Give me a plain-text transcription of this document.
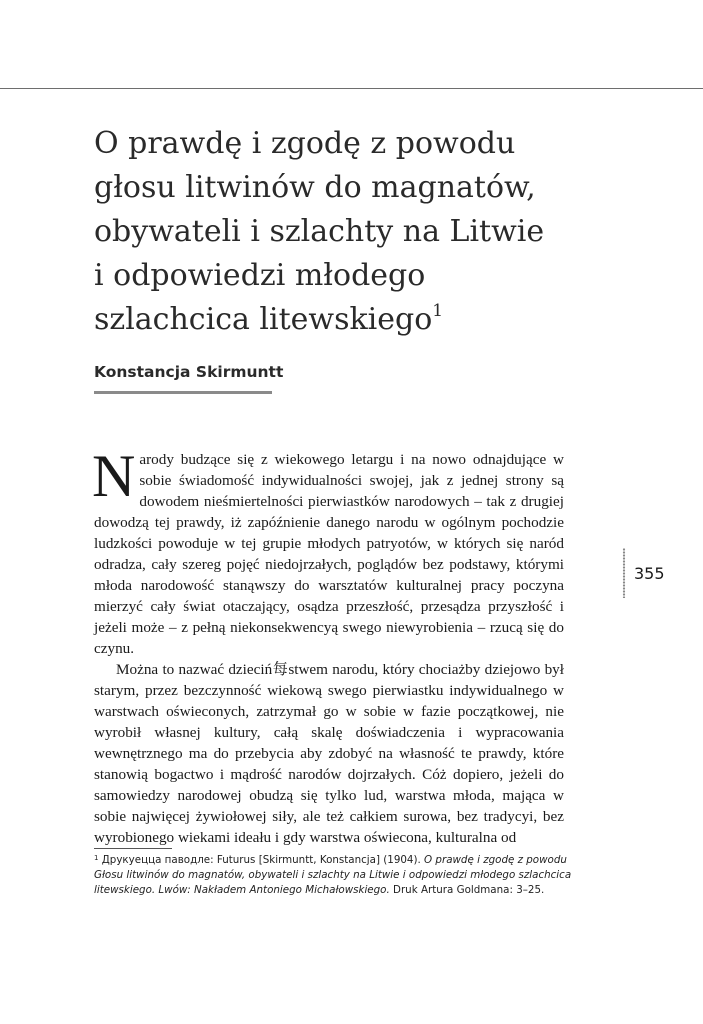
O prawdę i zgodę z powodu
głosu litwinów do magnatów,
obywateli i szlachty na Litwie
i odpowiedzi młodego
szlachcica litewskiego$^1$
Konstancja Skirmuntt

Narody budzące się z wiekowego letargu i na nowo odnajdujące w sobie świadomość indywidualności swojej, jak z jednej strony są dowodem nieśmiertelności pierwiastków narodowych – tak z drugiej dowodzą tej prawdy, iż zapóźnienie danego narodu w ogólnym pochodzie ludzkości powoduje w tej grupie młodych patryotów, w których się naród odradza, cały szereg pojęć niedojrzałych, poglądów bez podstawy, którymi młoda narodowość stanąwszy do warsztatów kulturalnej pracy poczyna mierzyć cały świat otaczający, osądza przeszłość, przesądza przyszłość i jeżeli może – z pełną niekonsekwencyą swego niewyrobienia – rzucą się do czynu.

Można to nazwać dzieciń每stwem narodu, który chociażby dziejowo był starym, przez bezczynność wiekową swego pierwiastku indywidualnego w warstwach oświeconych, zatrzymał go w sobie w fazie początkowej, nie wyrobił własnej kultury, całą skalę doświadczenia i wypracowania wewnętrznego ma do przebycia aby zdobyć na własność te prawdy, które stanowią bogactwo i mądrość narodów dojrzałych. Cóż dopiero, jeżeli do samowiedzy narodowej obudzą się tylko lud, warstwa młoda, mająca w sobie najwięcej żywiołowej siły, ale też całkiem surowa, bez tradycyi, bez wyrobionego wiekami ideału i gdy warstwa oświecona, kulturalna od

355
$^1$ Друкуецца паводле: Futurus [Skirmuntt, Konstancja] (1904). O prawdę i zgodę z powodu Głosu litwinów do magnatów, obywateli i szlachty na Litwie i odpowiedzi młodego szlachcica litewskiego. Lwów: Nakładem Antoniego Michałowskiego. Druk Artura Goldmana: 3–25.
